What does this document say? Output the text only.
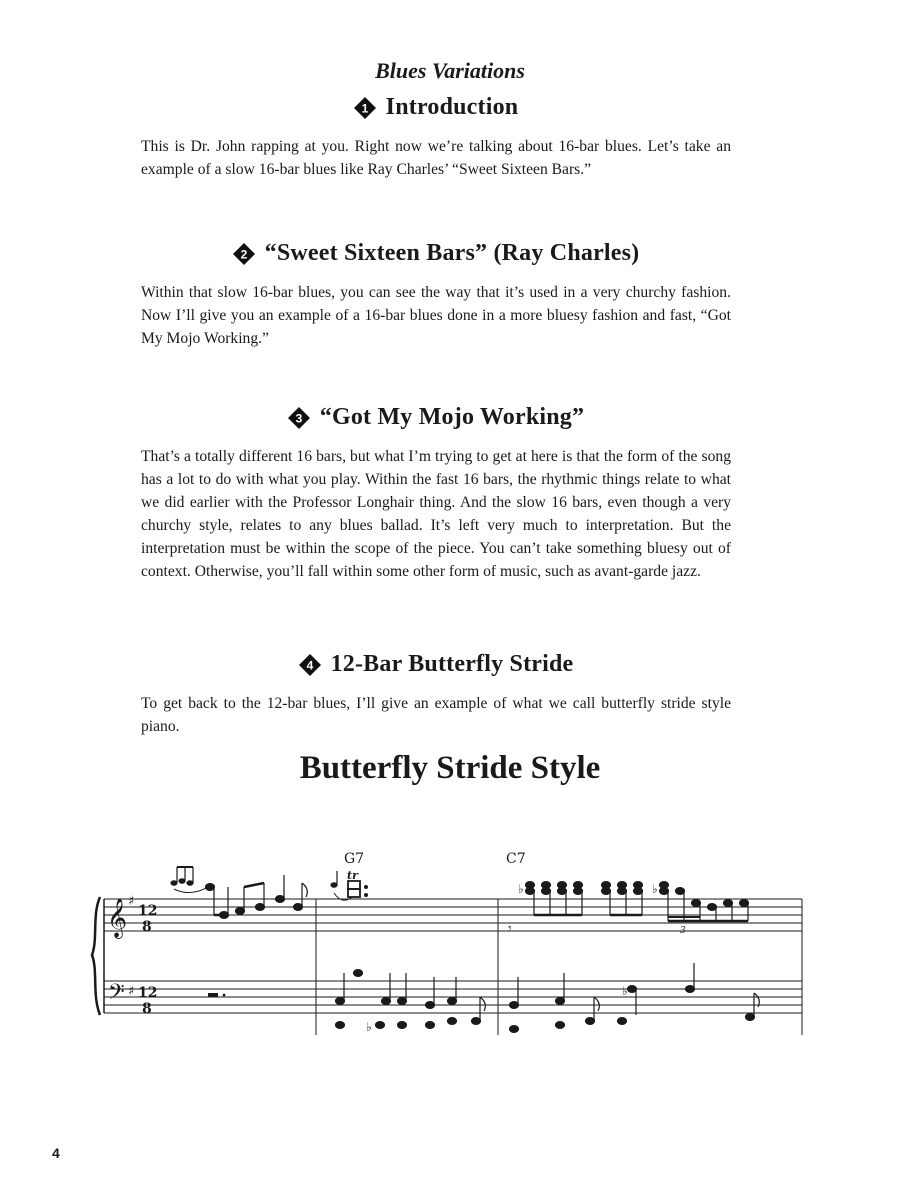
Blues Variations
1 Introduction
This is Dr. John rapping at you. Right now we’re talking about 16-bar blues. Let’s take an example of a slow 16-bar blues like Ray Charles’ “Sweet Sixteen Bars.”
2 “Sweet Sixteen Bars” (Ray Charles)
Within that slow 16-bar blues, you can see the way that it’s used in a very churchy fashion. Now I’ll give you an example of a 16-bar blues done in a more bluesy fashion and fast, “Got My Mojo Working.”
3 “Got My Mojo Working”
That’s a totally different 16 bars, but what I’m trying to get at here is that the form of the song has a lot to do with what you play. Within the fast 16 bars, the rhythmic things relate to what we did earlier with the Professor Longhair thing. And the slow 16 bars, even though a very churchy style, relates to any blues ballad. It’s left very much to interpretation. But the interpretation must be within the scope of the piece. You can’t take something bluesy out of context. Otherwise, you’ll fall within some other form of music, such as avant-garde jazz.
4 12-Bar Butterfly Stride
To get back to the 12-bar blues, I’ll give an example of what we call butterfly stride style piano.
Butterfly Stride Style
𝄞
𝄢
♯
♯
12
8
12
8
G7	C7
tr
𝄾
♭	♭
3
♭
♭
4
